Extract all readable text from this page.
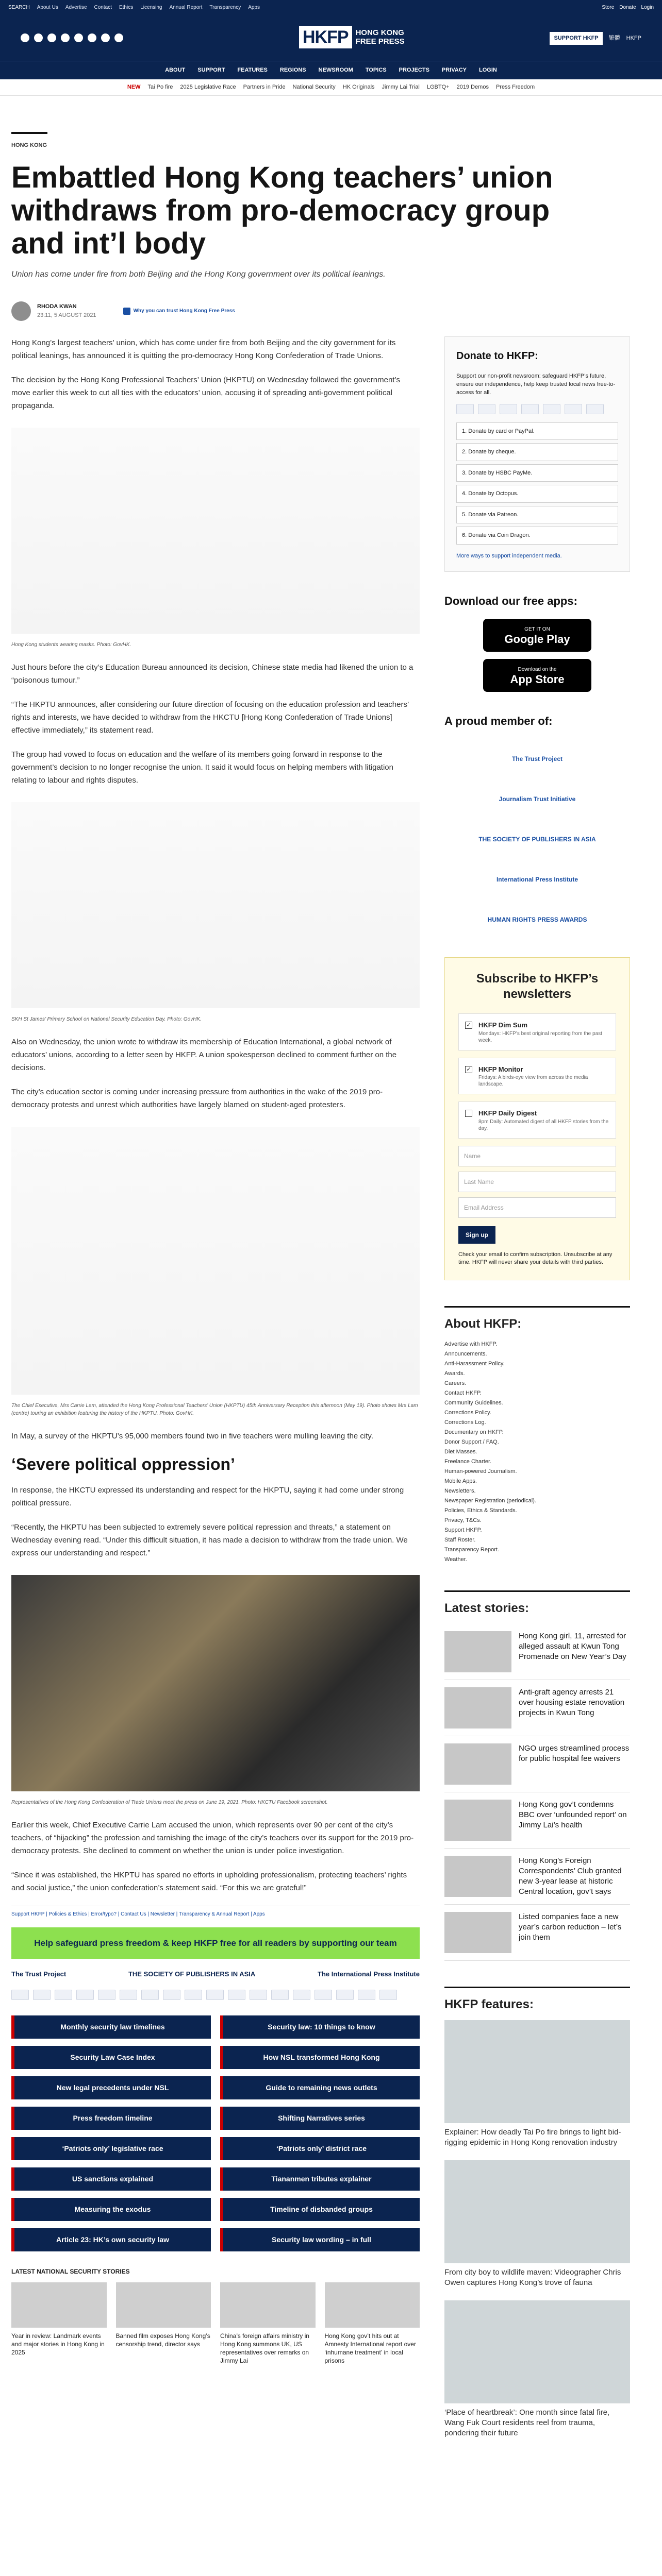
SEARCH About Us Advertise Contact Ethics Licensing Annual Report Transparency Apps	Store Donate Login
HKFP HONG KONG
FREE PRESS	SUPPORT HKFP	繁體 HKFP
ABOUT SUPPORT FEATURES REGIONS NEWSROOM TOPICS PROJECTS PRIVACY LOGIN
NEW Tai Po fire 2025 Legislative Race Partners in Pride National Security HK Originals Jimmy Lai Trial LGBTQ+ 2019 Demos Press Freedom
HONG KONG
Embattled Hong Kong teachers’ union withdraws from pro-democracy group and int’l body
Union has come under fire from both Beijing and the Hong Kong government over its political leanings.
RHODA KWAN
23:11, 5 AUGUST 2021
Why you can trust Hong Kong Free Press

Hong Kong’s largest teachers’ union, which has come under fire from both Beijing and the city government for its political leanings, has announced it is quitting the pro-democracy Hong Kong Confederation of Trade Unions.

The decision by the Hong Kong Professional Teachers’ Union (HKPTU) on Wednesday followed the government’s move earlier this week to cut all ties with the educators’ union, accusing it of spreading anti-government political propaganda.

Hong Kong students wearing masks. Photo: GovHK.

Just hours before the city’s Education Bureau announced its decision, Chinese state media had likened the union to a “poisonous tumour.”

“The HKPTU announces, after considering our future direction of focusing on the education profession and teachers’ rights and interests, we have decided to withdraw from the HKCTU [Hong Kong Confederation of Trade Unions] effective immediately,” its statement read.

The group had vowed to focus on education and the welfare of its members going forward in response to the government’s decision to no longer recognise the union. It said it would focus on helping members with litigation relating to labour and rights disputes.

SKH St James’ Primary School on National Security Education Day. Photo: GovHK.

Also on Wednesday, the union wrote to withdraw its membership of Education International, a global network of educators’ unions, according to a letter seen by HKFP. A union spokesperson declined to comment further on the decisions.

The city’s education sector is coming under increasing pressure from authorities in the wake of the 2019 pro-democracy protests and unrest which authorities have largely blamed on student-aged protesters.

The Chief Executive, Mrs Carrie Lam, attended the Hong Kong Professional Teachers’ Union (HKPTU) 45th Anniversary Reception this afternoon (May 19). Photo shows Mrs Lam (centre) touring an exhibition featuring the history of the HKPTU. Photo: GovHK.

In May, a survey of the HKPTU’s 95,000 members found two in five teachers were mulling leaving the city.

‘Severe political oppression’

In response, the HKCTU expressed its understanding and respect for the HKPTU, saying it had come under strong political pressure.

“Recently, the HKPTU has been subjected to extremely severe political repression and threats,” a statement on Wednesday evening read. “Under this difficult situation, it has made a decision to withdraw from the trade union. We express our understanding and respect.”

Representatives of the Hong Kong Confederation of Trade Unions meet the press on June 19, 2021. Photo: HKCTU Facebook screenshot.

Earlier this week, Chief Executive Carrie Lam accused the union, which represents over 90 per cent of the city’s teachers, of “hijacking” the profession and tarnishing the image of the city’s teachers over its support for the 2019 pro-democracy protests. She declined to comment on whether the union is under police investigation.

“Since it was established, the HKPTU has spared no efforts in upholding professionalism, protecting teachers’ rights and social justice,” the union confederation’s statement said. “For this we are grateful!”

Support HKFP | Policies & Ethics | Error/typo? | Contact Us | Newsletter | Transparency & Annual Report | Apps
Help safeguard press freedom & keep HKFP free for all readers by supporting our team
The Trust Project	THE SOCIETY OF PUBLISHERS IN ASIA	The International Press Institute
Monthly security law timelines	Security law: 10 things to know
Security Law Case Index	How NSL transformed Hong Kong
New legal precedents under NSL	Guide to remaining news outlets
Press freedom timeline	Shifting Narratives series
‘Patriots only’ legislative race	‘Patriots only’ district race
US sanctions explained	Tiananmen tributes explainer
Measuring the exodus	Timeline of disbanded groups
Article 23: HK’s own security law	Security law wording – in full
LATEST NATIONAL SECURITY STORIES
Year in review: Landmark events and major stories in Hong Kong in 2025
Banned film exposes Hong Kong’s censorship trend, director says
China’s foreign affairs ministry in Hong Kong summons UK, US representatives over remarks on Jimmy Lai
Hong Kong gov’t hits out at Amnesty International report over ‘inhumane treatment’ in local prisons
Donate to HKFP:
Support our non-profit newsroom: safeguard HKFP’s future, ensure our independence, help keep trusted local news free-to-access for all.
1. Donate by card or PayPal.
2. Donate by cheque.
3. Donate by HSBC PayMe.
4. Donate by Octopus.
5. Donate via Patreon.
6. Donate via Coin Dragon.
More ways to support independent media.
Download our free apps:
GET IT ON
Google Play
Download on the
App Store
A proud member of:
The Trust Project
Journalism Trust Initiative
THE SOCIETY OF PUBLISHERS IN ASIA
International Press Institute
HUMAN RIGHTS PRESS AWARDS
Subscribe to HKFP’s newsletters
✓ HKFP Dim Sum
Mondays: HKFP’s best original reporting from the past week.
✓ HKFP Monitor
Fridays: A birds-eye view from across the media landscape.
HKFP Daily Digest
8pm Daily: Automated digest of all HKFP stories from the day.
Name
Last Name
Email Address
Sign up
Check your email to confirm subscription. Unsubscribe at any time. HKFP will never share your details with third parties.
About HKFP:
Advertise with HKFP.
Announcements.
Anti-Harassment Policy.
Awards.
Careers.
Contact HKFP.
Community Guidelines.
Corrections Policy.
Corrections Log.
Documentary on HKFP.
Donor Support / FAQ.
Diet Masses.
Freelance Charter.
Human-powered Journalism.
Mobile Apps.
Newsletters.
Newspaper Registration (periodical).
Policies, Ethics & Standards.
Privacy, T&Cs.
Support HKFP.
Staff Roster.
Transparency Report.
Weather.
Latest stories:
Hong Kong girl, 11, arrested for alleged assault at Kwun Tong Promenade on New Year’s Day
Anti-graft agency arrests 21 over housing estate renovation projects in Kwun Tong
NGO urges streamlined process for public hospital fee waivers
Hong Kong gov’t condemns BBC over ‘unfounded report’ on Jimmy Lai’s health
Hong Kong’s Foreign Correspondents’ Club granted new 3-year lease at historic Central location, gov’t says
Listed companies face a new year’s carbon reduction – let’s join them
HKFP features:
Explainer: How deadly Tai Po fire brings to light bid-rigging epidemic in Hong Kong renovation industry
From city boy to wildlife maven: Videographer Chris Owen captures Hong Kong’s trove of fauna
‘Place of heartbreak’: One month since fatal fire, Wang Fuk Court residents reel from trauma, pondering their future
